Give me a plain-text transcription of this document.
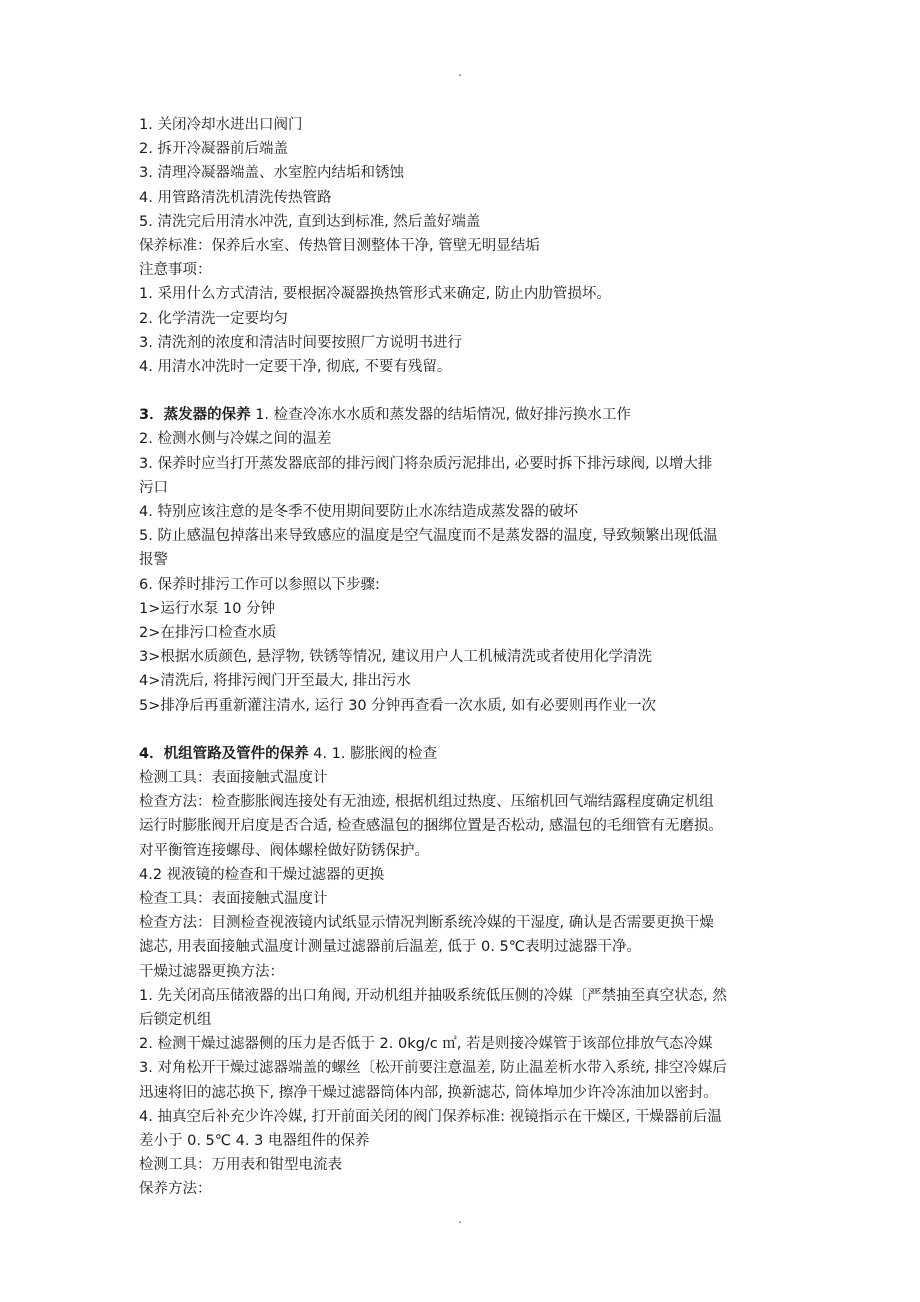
.
1. 关闭冷却水进出口阀门
2. 拆开冷凝器前后端盖
3. 清理冷凝器端盖、水室腔内结垢和锈蚀
4. 用管路清洗机清洗传热管路
5. 清洗完后用清水冲洗, 直到达到标准, 然后盖好端盖
保养标准：保养后水室、传热管目测整体干净, 管壁无明显结垢
注意事项：
1. 采用什么方式清洁, 要根据冷凝器换热管形式来确定, 防止内肋管损坏。
2. 化学清洗一定要均匀
3. 清洗剂的浓度和清洁时间要按照厂方说明书进行
4. 用清水冲洗时一定要干净, 彻底, 不要有残留。
3．蒸发器的保养 1. 检查冷冻水水质和蒸发器的结垢情况, 做好排污换水工作
2. 检测水侧与冷媒之间的温差
3. 保养时应当打开蒸发器底部的排污阀门将杂质污泥排出, 必要时拆下排污球阀, 以增大排
污口
4. 特别应该注意的是冬季不使用期间要防止水冻结造成蒸发器的破坏
5. 防止感温包掉落出来导致感应的温度是空气温度而不是蒸发器的温度, 导致频繁出现低温
报警
6. 保养时排污工作可以参照以下步骤:
1>运行水泵 10 分钟
2>在排污口检查水质
3>根据水质颜色, 悬浮物, 铁锈等情况, 建议用户人工机械清洗或者使用化学清洗
4>清洗后, 将排污阀门开至最大, 排出污水
5>排净后再重新灌注清水, 运行 30 分钟再查看一次水质, 如有必要则再作业一次
4．机组管路及管件的保养 4. 1. 膨胀阀的检查
检测工具：表面接触式温度计
检查方法：检查膨胀阀连接处有无油迹, 根据机组过热度、压缩机回气端结露程度确定机组
运行时膨胀阀开启度是否合适, 检查感温包的捆绑位置是否松动, 感温包的毛细管有无磨损。
对平衡管连接螺母、阀体螺栓做好防锈保护。
4.2 视液镜的检查和干燥过滤器的更换
检查工具：表面接触式温度计
检查方法：目测检查视液镜内试纸显示情况判断系统冷媒的干湿度, 确认是否需要更换干燥
滤芯, 用表面接触式温度计测量过滤器前后温差, 低于 0. 5℃表明过滤器干净。
干燥过滤器更换方法：
1. 先关闭高压储液器的出口角阀, 开动机组并抽吸系统低压侧的冷媒〔严禁抽至真空状态, 然
后锁定机组
2. 检测干燥过滤器侧的压力是否低于 2. 0kg/c ㎡, 若是则接冷媒管于该部位排放气态冷媒
3. 对角松开干燥过滤器端盖的螺丝〔松开前要注意温差, 防止温差析水带入系统, 排空冷媒后
迅速将旧的滤芯换下, 擦净干燥过滤器筒体内部, 换新滤芯, 筒体埠加少许冷冻油加以密封。
4. 抽真空后补充少许冷媒, 打开前面关闭的阀门保养标准: 视镜指示在干燥区, 干燥器前后温
差小于 0. 5℃ 4. 3 电器组件的保养
检测工具：万用表和钳型电流表
保养方法：
.
